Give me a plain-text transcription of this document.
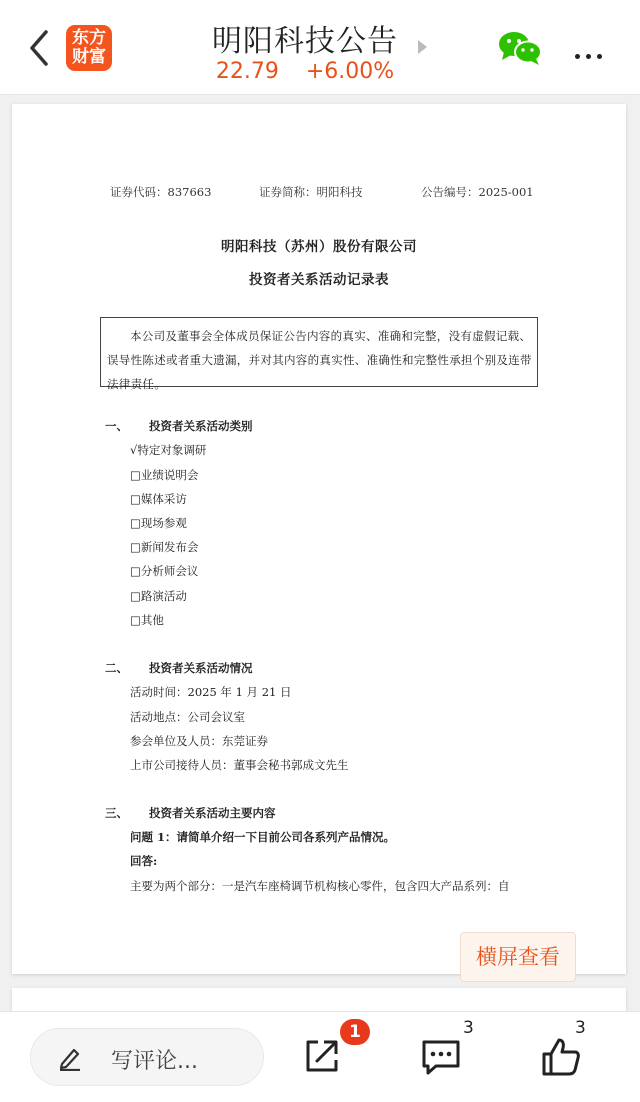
东方
财富	明阳科技公告
22.79 +6.00%
证券代码：837663	证券简称：明阳科技	公告编号：2025-001
明阳科技（苏州）股份有限公司
投资者关系活动记录表
本公司及董事会全体成员保证公告内容的真实、准确和完整，没有虚假记载、误导性陈述或者重大遗漏，并对其内容的真实性、准确性和完整性承担个别及连带法律责任。
一、 投资者关系活动类别
√特定对象调研
□业绩说明会
□媒体采访
□现场参观
□新闻发布会
□分析师会议
□路演活动
□其他
二、 投资者关系活动情况
活动时间：2025 年 1 月 21 日
活动地点：公司会议室
参会单位及人员：东莞证券
上市公司接待人员：董事会秘书郭成文先生
三、 投资者关系活动主要内容
问题 1：请简单介绍一下目前公司各系列产品情况。
回答:
主要为两个部分：一是汽车座椅调节机构核心零件，包含四大产品系列：自
横屏查看
写评论...
1	3	3
